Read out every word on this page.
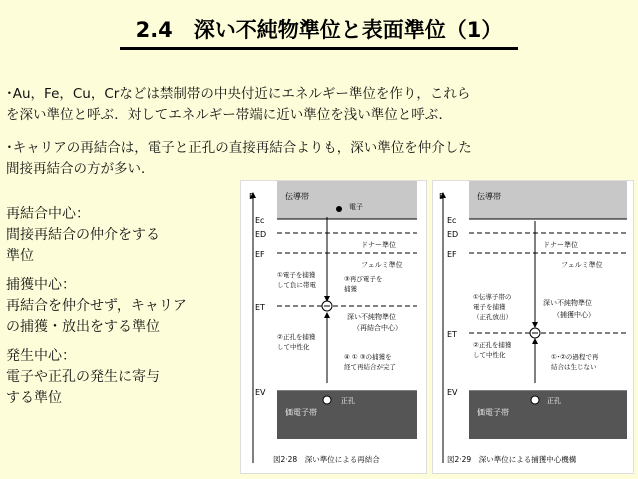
2.4　深い不純物準位と表面準位（1）
･Au，Fe，Cu，Crなどは禁制帯の中央付近にエネルギー準位を作り，これら
を深い準位と呼ぶ．対してエネルギー帯端に近い準位を浅い準位と呼ぶ．
･キャリアの再結合は，電子と正孔の直接再結合よりも，深い準位を仲介した
間接再結合の方が多い．
再結合中心：
間接再結合の仲介をする
準位
捕獲中心：
再結合を仲介せず，キャリア
の捕獲・放出をする準位
発生中心：
電子や正孔の発生に寄与
する準位
E	伝導帯
Ec
電子
ED
ドナー準位
EF
フェルミ準位
①電子を捕獲
して負に帯電
③再び電子を
捕獲
ET
深い不純物準位
（再結合中心）
②正孔を捕獲
して中性化
④ ① ③の捕獲を
経て再結合が完了
EV
価電子帯
正孔
図2·28　深い準位による再結合
E	伝導帯
Ec
ED
ドナー準位
EF
フェルミ準位
①伝導子帯の
電子を捕獲
（正孔放出）
ET
深い不純物準位
（捕獲中心）
②正孔を捕獲
して中性化	①･②の過程で再
結合は生じない
EV
価電子帯
正孔
図2·29　深い準位による捕獲中心機構
